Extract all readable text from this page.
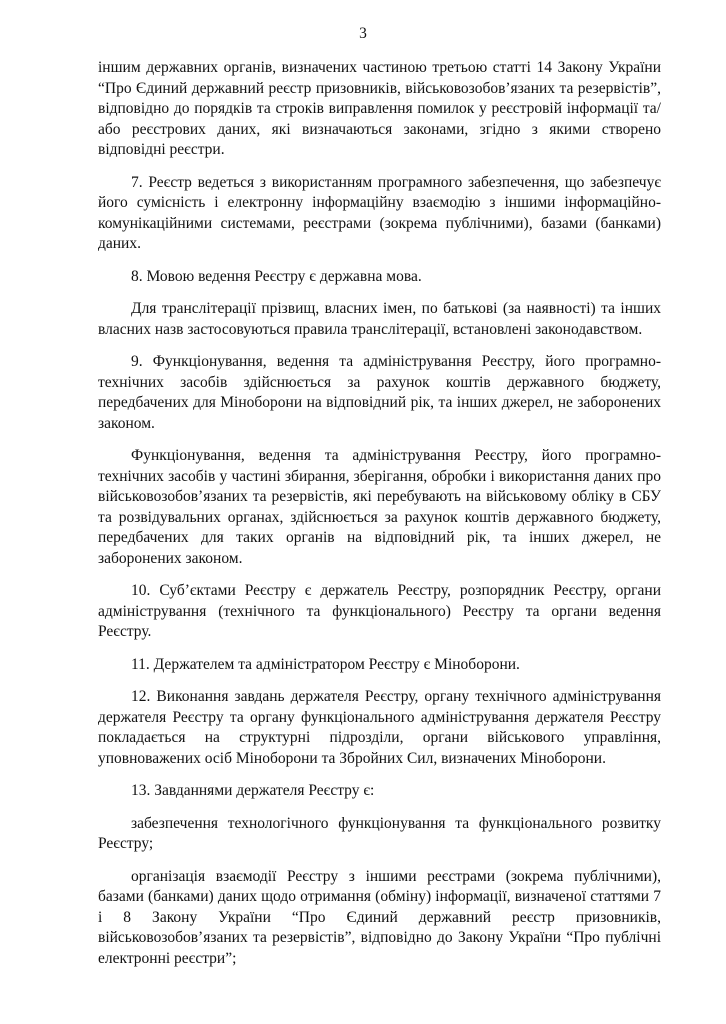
3

іншим державних органів, визначених частиною третьою статті 14 Закону України “Про Єдиний державний реєстр призовників, військовозобов’язаних та резервістів”, відповідно до порядків та строків виправлення помилок у реєстровій інформації та/або реєстрових даних, які визначаються законами, згідно з якими створено відповідні реєстри.

7. Реєстр ведеться з використанням програмного забезпечення, що забезпечує його сумісність і електронну інформаційну взаємодію з іншими інформаційно-комунікаційними системами, реєстрами (зокрема публічними), базами (банками) даних.

8. Мовою ведення Реєстру є державна мова.

Для транслітерації прізвищ, власних імен, по батькові (за наявності) та інших власних назв застосовуються правила транслітерації, встановлені законодавством.

9. Функціонування, ведення та адміністрування Реєстру, його програмно-технічних засобів здійснюється за рахунок коштів державного бюджету, передбачених для Міноборони на відповідний рік, та інших джерел, не заборонених законом.

Функціонування, ведення та адміністрування Реєстру, його програмно-технічних засобів у частині збирання, зберігання, обробки і використання даних про військовозобов’язаних та резервістів, які перебувають на військовому обліку в СБУ та розвідувальних органах, здійснюється за рахунок коштів державного бюджету, передбачених для таких органів на відповідний рік, та інших джерел, не заборонених законом.

10. Суб’єктами Реєстру є держатель Реєстру, розпорядник Реєстру, органи адміністрування (технічного та функціонального) Реєстру та органи ведення Реєстру.

11. Держателем та адміністратором Реєстру є Міноборони.

12. Виконання завдань держателя Реєстру, органу технічного адміністрування держателя Реєстру та органу функціонального адміністрування держателя Реєстру покладається на структурні підрозділи, органи військового управління, уповноважених осіб Міноборони та Збройних Сил, визначених Міноборони.

13. Завданнями держателя Реєстру є:

забезпечення технологічного функціонування та функціонального розвитку Реєстру;

організація взаємодії Реєстру з іншими реєстрами (зокрема публічними), базами (банками) даних щодо отримання (обміну) інформації, визначеної статтями 7 і 8 Закону України “Про Єдиний державний реєстр призовників, військовозобов’язаних та резервістів”, відповідно до Закону України “Про публічні електронні реєстри”;
